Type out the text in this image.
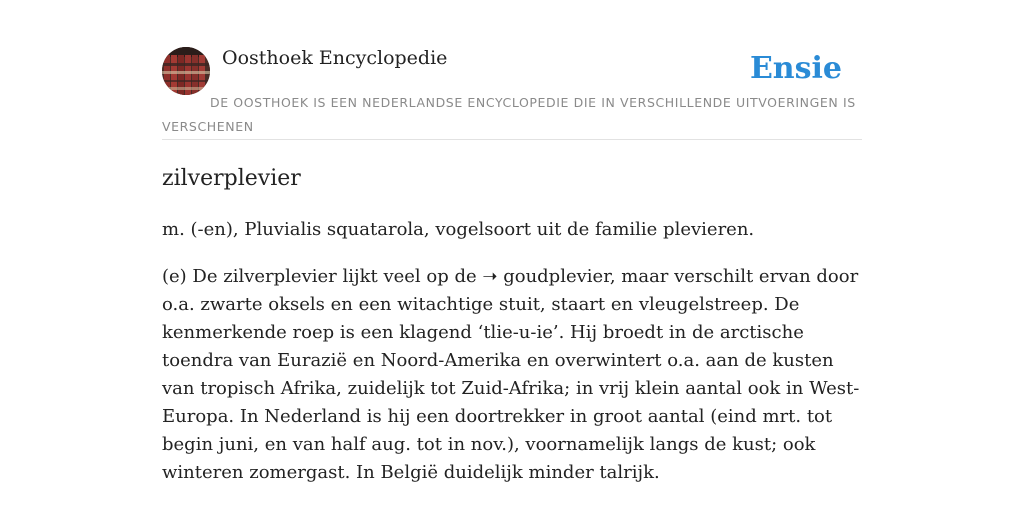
Oosthoek Encyclopedie	Ensie
DE OOSTHOEK IS EEN NEDERLANDSE ENCYCLOPEDIE DIE IN VERSCHILLENDE UITVOERINGEN IS VERSCHENEN
zilverplevier

m. (-en), Pluvialis squatarola, vogelsoort uit de familie plevieren.

(e) De zilverplevier lijkt veel op de ➝ goudplevier, maar verschilt ervan door o.a. zwarte oksels en een witachtige stuit, staart en vleugelstreep. De kenmerkende roep is een klagend ‘tlie-u-ie’. Hij broedt in de arctische toendra van Eurazië en Noord-Amerika en overwintert o.a. aan de kusten van tropisch Afrika, zuidelijk tot Zuid-Afrika; in vrij klein aantal ook in West-Europa. In Nederland is hij een doortrekker in groot aantal (eind mrt. tot begin juni, en van half aug. tot in nov.), voornamelijk langs de kust; ook winteren zomergast. In België duidelijk minder talrijk.
